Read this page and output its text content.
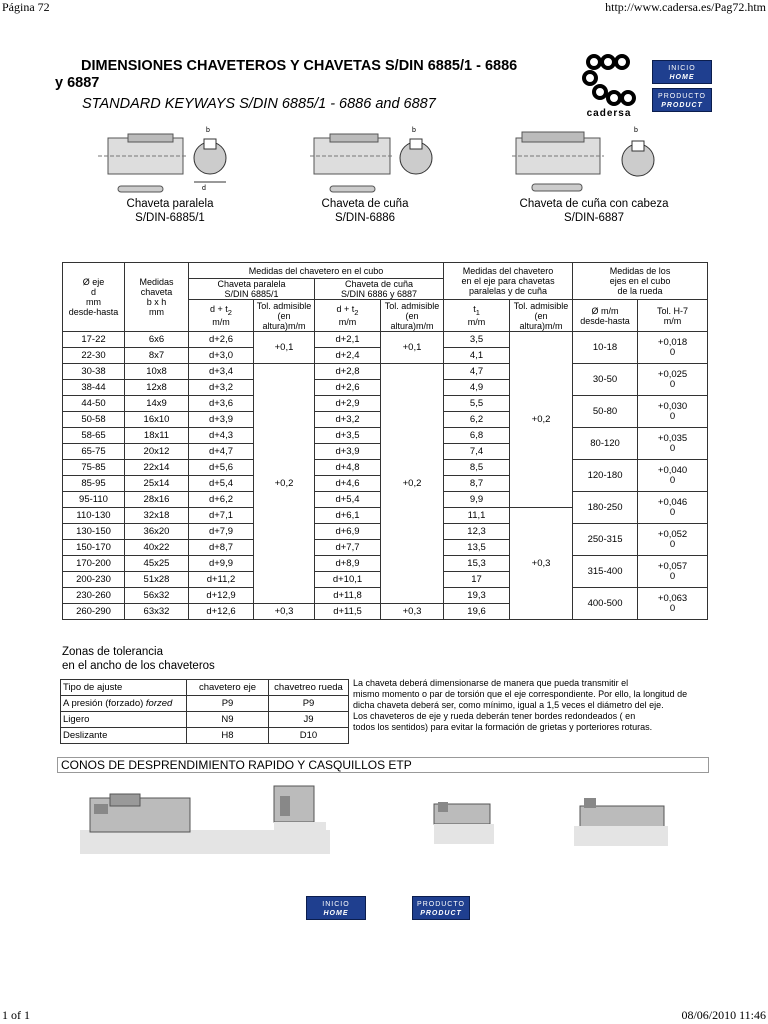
Página 72	http://www.cadersa.es/Pag72.htm
1 of 1	08/06/2010 11:46
DIMENSIONES CHAVETEROS Y CHAVETAS S/DIN 6885/1 - 6886
y 6887
STANDARD KEYWAYS S/DIN 6885/1 - 6886 and 6887
cadersa
INICIO
HOME
PRODUCTO
PRODUCT
d
b	b	b
Chaveta paralela
S/DIN-6885/1
Chaveta de cuña
S/DIN-6886
Chaveta de cuña con cabeza
S/DIN-6887
Ø eje
d
mm
desde-hasta	Medidas
chaveta
b x h
mm	Medidas del chavetero en el cubo				Medidas del chavetero
en el eje para chavetas
paralelas y de cuña		Medidas de los
ejes en el cubo
de la rueda	
		Chaveta paralela
S/DIN 6885/1		Chaveta de cuña
S/DIN 6886 y 6887					
		$d + t_2$
m/m	Tol. admisible
(en
altura)m/m	$d + t_2$
m/m	Tol. admisible
(en
altura)m/m	$t_1$
m/m	Tol. admisible
(en
altura)m/m	Ø m/m
desde-hasta	Tol. H-7
m/m
17-22	6x6	d+2,6	+0,1	d+2,1	+0,1	3,5	+0,2	10-18	+0,018
0
22-30	8x7	d+3,0		d+2,4		4,1			
30-38	10x8	d+3,4	+0,2	d+2,8	+0,2	4,7		30-50	+0,025
0
38-44	12x8	d+3,2		d+2,6		4,9			
44-50	14x9	d+3,6		d+2,9		5,5		50-80	+0,030
0
50-58	16x10	d+3,9		d+3,2		6,2			
58-65	18x11	d+4,3		d+3,5		6,8		80-120	+0,035
0
65-75	20x12	d+4,7		d+3,9		7,4			
75-85	22x14	d+5,6		d+4,8		8,5		120-180	+0,040
0
85-95	25x14	d+5,4		d+4,6		8,7			
95-110	28x16	d+6,2		d+5,4		9,9		180-250	+0,046
0
110-130	32x18	d+7,1		d+6,1		11,1	+0,3		
130-150	36x20	d+7,9		d+6,9		12,3		250-315	+0,052
0
150-170	40x22	d+8,7		d+7,7		13,5			
170-200	45x25	d+9,9		d+8,9		15,3		315-400	+0,057
0
200-230	51x28	d+11,2		d+10,1		17			
230-260	56x32	d+12,9		d+11,8		19,3		400-500	+0,063
0
260-290	63x32	d+12,6	+0,3	d+11,5	+0,3	19,6			
Zonas de tolerancia
en el ancho de los chaveteros
Tipo de ajuste	chavetero eje	chavetreo rueda
A presión (forzado) forzed	P9	P9
Ligero	N9	J9
Deslizante	H8	D10
La chaveta deberá dimensionarse de manera que pueda transmitir el
mismo momento o par de torsión que el eje correspondiente. Por ello, la longitud de
dicha chaveta deberá ser, como mínimo, igual a 1,5 veces el diámetro del eje.
Los chaveteros de eje y rueda deberán tener bordes redondeados ( en
todos los sentidos) para evitar la formación de grietas y porteriores roturas.
CONOS DE DESPRENDIMIENTO RAPIDO Y CASQUILLOS ETP
INICIO
HOME
PRODUCTO
PRODUCT
